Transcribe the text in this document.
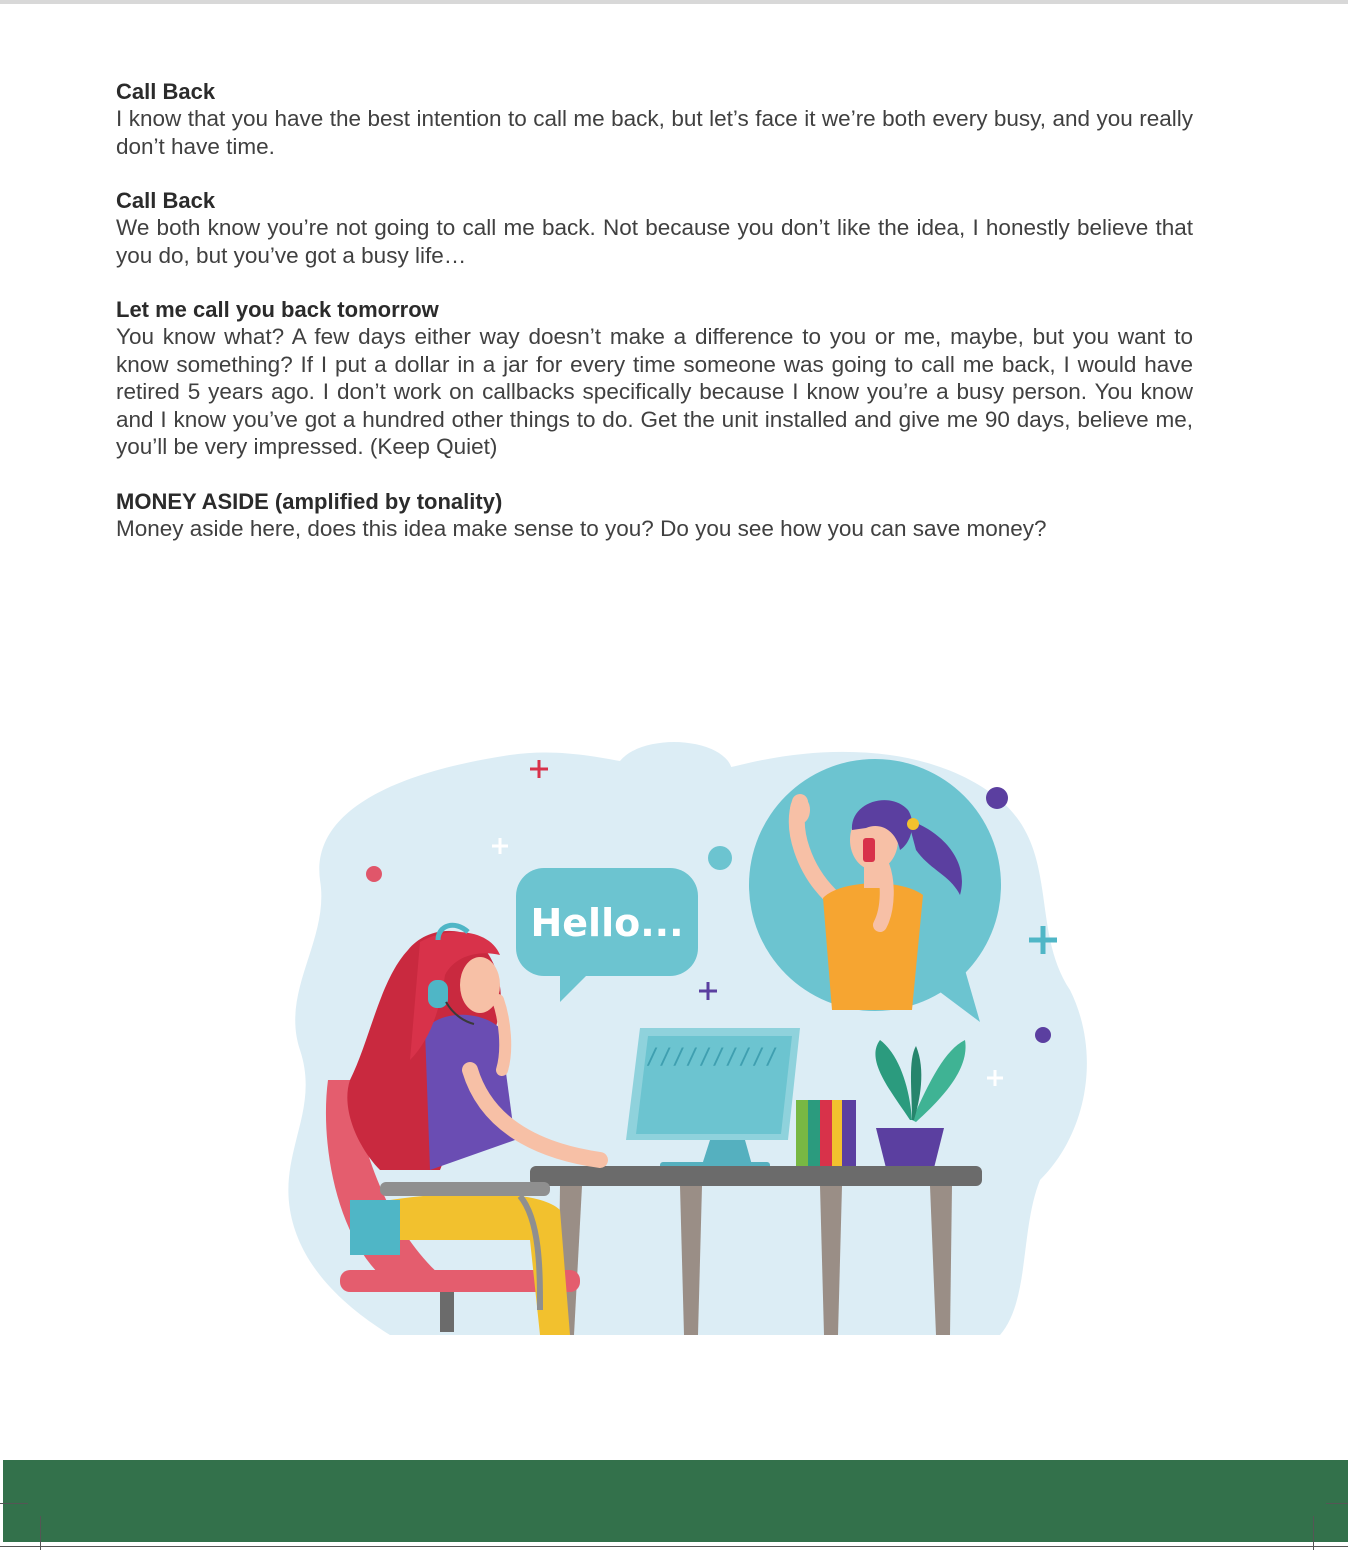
Call Back

I know that you have the best intention to call me back, but let’s face it we’re both every busy, and you really don’t have time.

Call Back

We both know you’re not going to call me back. Not because you don’t like the idea, I honestly believe that you do, but you’ve got a busy life…

Let me call you back tomorrow

You know what? A few days either way doesn’t make a difference to you or me, maybe, but you want to know something? If I put a dollar in a jar for every time someone was going to call me back, I would have retired 5 years ago. I don’t work on callbacks specifically because I know you’re a busy person. You know and I know you’ve got a hundred other things to do. Get the unit installed and give me 90 days, believe me, you’ll be very impressed. (Keep Quiet)

MONEY ASIDE (amplified by tonality)

Money aside here, does this idea make sense to you? Do you see how you can save money?

Hello...
//////////
